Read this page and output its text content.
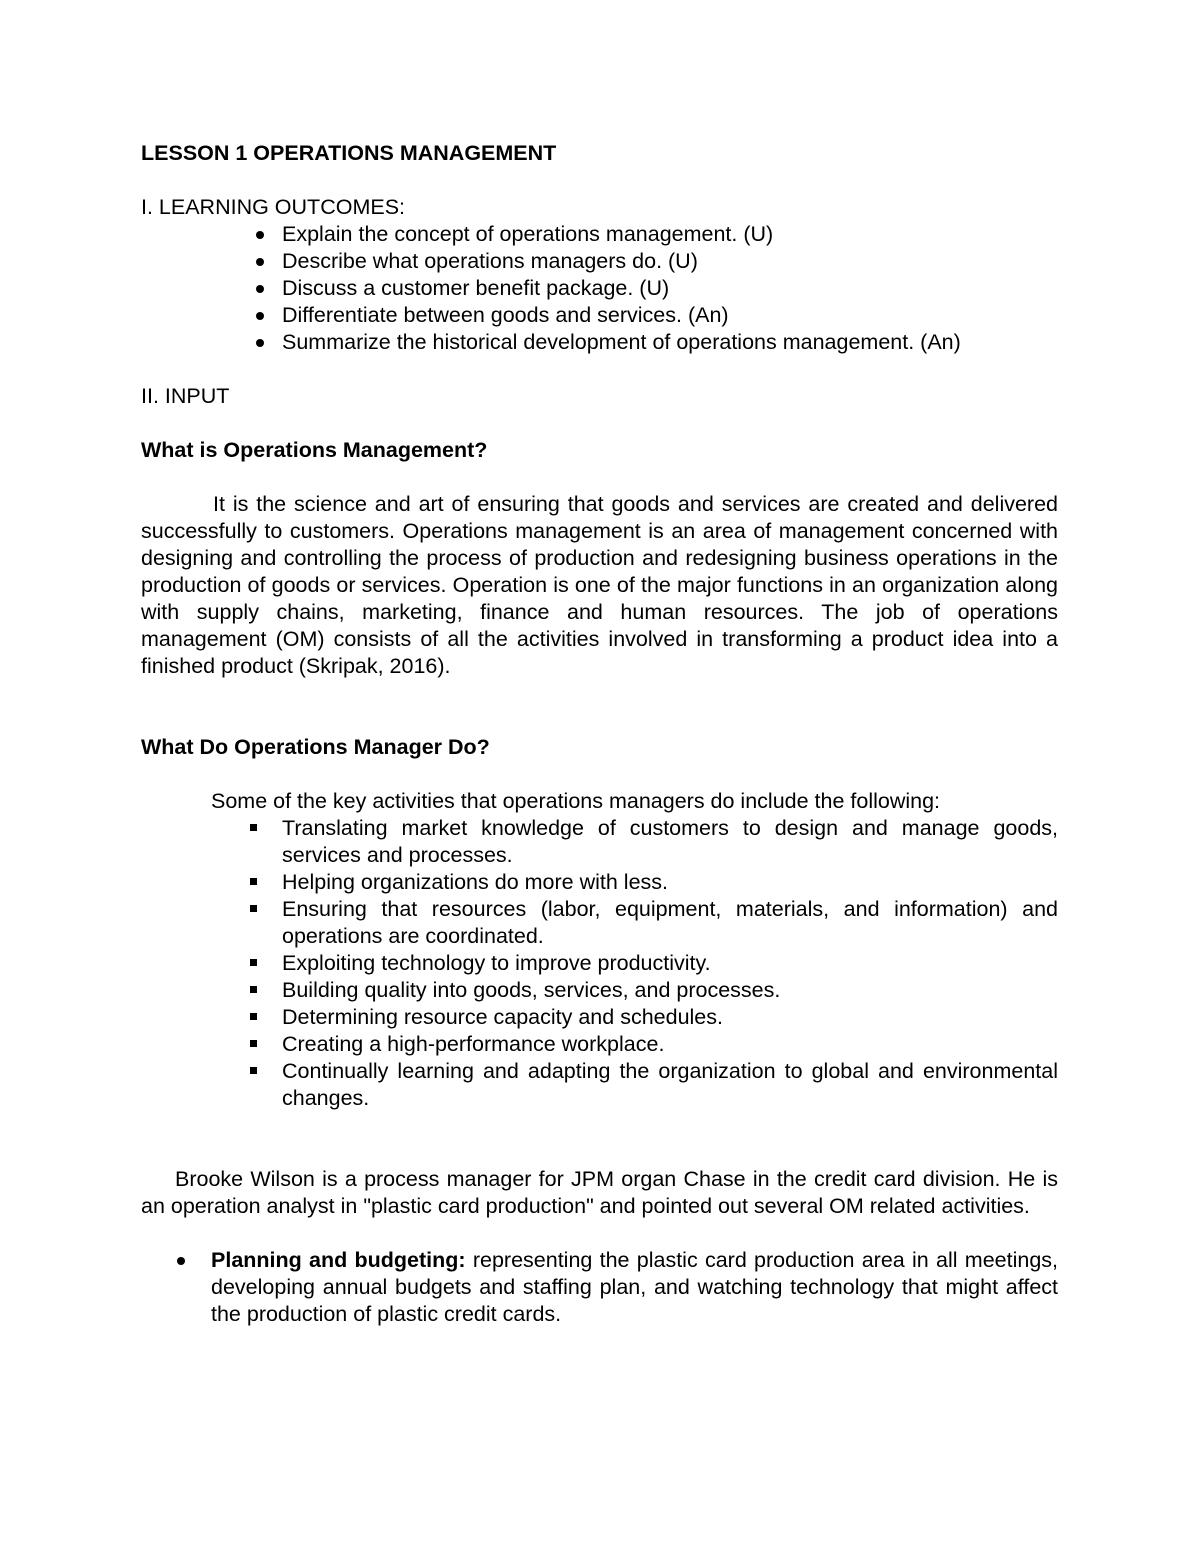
LESSON 1 OPERATIONS MANAGEMENT

I. LEARNING OUTCOMES:

Explain the concept of operations management. (U)
Describe what operations managers do. (U)
Discuss a customer benefit package. (U)
Differentiate between goods and services. (An)
Summarize the historical development of operations management. (An)

II. INPUT

What is Operations Management?

It is the science and art of ensuring that goods and services are created and delivered successfully to customers. Operations management is an area of management concerned with designing and controlling the process of production and redesigning business operations in the production of goods or services. Operation is one of the major functions in an organization along with supply chains, marketing, finance and human resources. The job of operations management (OM) consists of all the activities involved in transforming a product idea into a finished product (Skripak, 2016).

What Do Operations Manager Do?

Some of the key activities that operations managers do include the following:

Translating market knowledge of customers to design and manage goods, services and processes.
Helping organizations do more with less.
Ensuring that resources (labor, equipment, materials, and information) and operations are coordinated.
Exploiting technology to improve productivity.
Building quality into goods, services, and processes.
Determining resource capacity and schedules.
Creating a high-performance workplace.
Continually learning and adapting the organization to global and environmental changes.

Brooke Wilson is a process manager for JPM organ Chase in the credit card division. He is an operation analyst in "plastic card production" and pointed out several OM related activities.

Planning and budgeting: representing the plastic card production area in all meetings, developing annual budgets and staffing plan, and watching technology that might affect the production of plastic credit cards.
